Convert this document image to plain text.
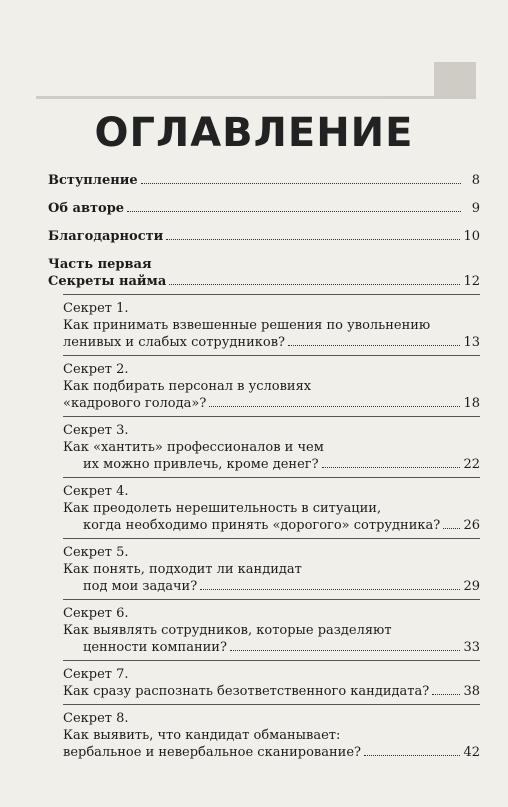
ОГЛАВЛЕНИЕ
Вступление	8
Об авторе	9
Благодарности	10
Часть первая
Секреты найма	12
Секрет 1.
Как принимать взвешенные решения по увольнению
ленивых и слабых сотрудников?	13
Секрет 2.
Как подбирать персонал в условиях
«кадрового голода»?	18
Секрет 3.
Как «хантить» профессионалов и чем
их можно привлечь, кроме денег?	22
Секрет 4.
Как преодолеть нерешительность в ситуации,
когда необходимо принять «дорогого» сотрудника? 26
Секрет 5.
Как понять, подходит ли кандидат
под мои задачи?	29
Секрет 6.
Как выявлять сотрудников, которые разделяют
ценности компании?	33
Секрет 7.
Как сразу распознать безответственного кандидата?	38
Секрет 8.
Как выявить, что кандидат обманывает:
вербальное и невербальное сканирование?	42
